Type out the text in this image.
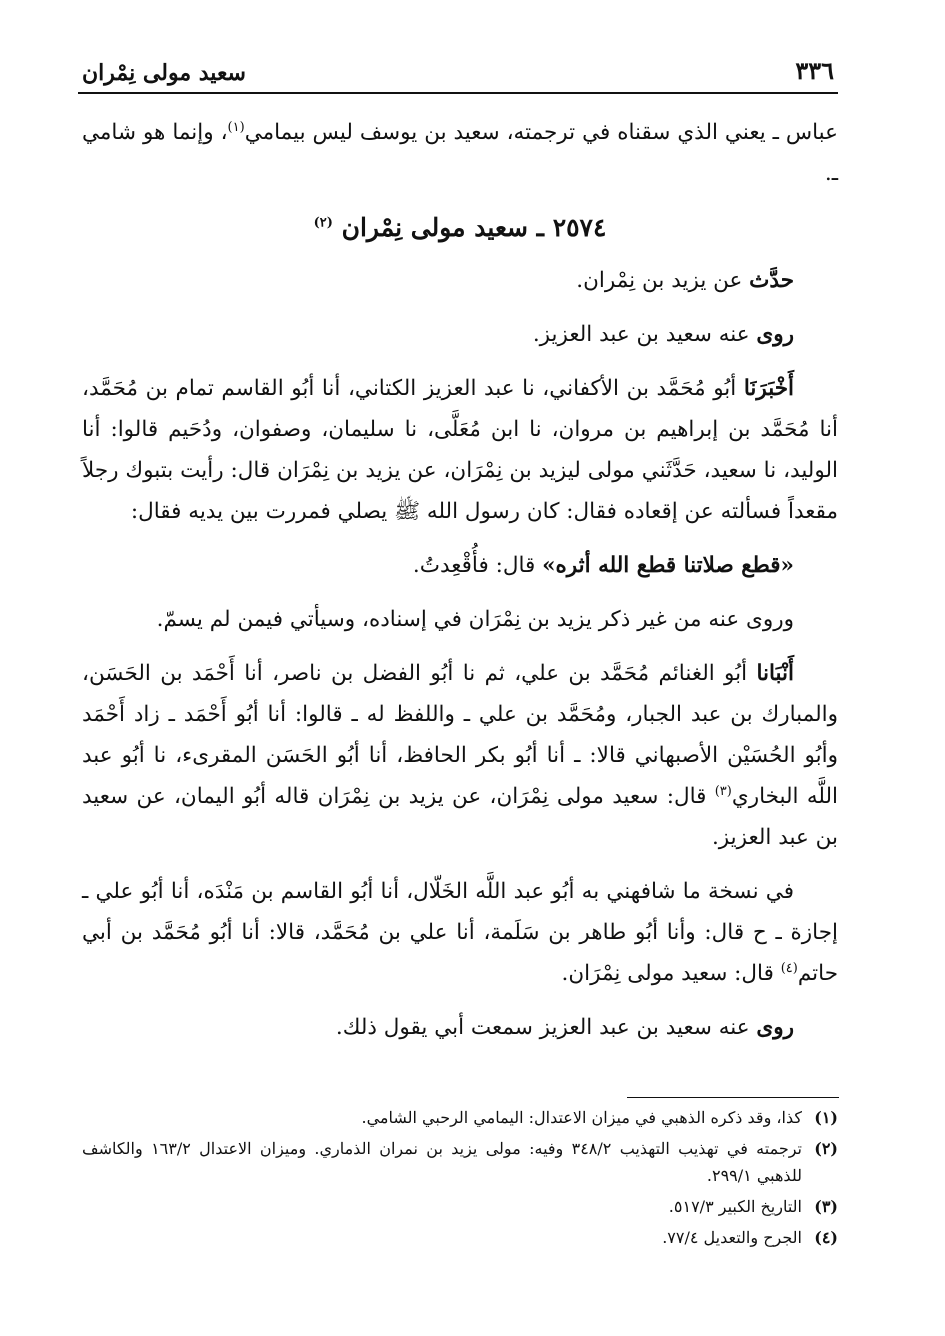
٣٣٦
سعيد مولى نِمْران

عباس ـ يعني الذي سقناه في ترجمته، سعيد بن يوسف ليس بيمامي$^{(١)}$، وإنما هو شامي ـ.

٢٥٧٤ ـ سعيد مولى نِمْران $^{(٢)}$

حدَّث عن يزيد بن نِمْران.

روى عنه سعيد بن عبد العزيز.

أَخْبَرَنَا أبُو مُحَمَّد بن الأكفاني، نا عبد العزيز الكتاني، أنا أبُو القاسم تمام بن مُحَمَّد، أنا مُحَمَّد بن إبراهيم بن مروان، نا ابن مُعَلَّى، نا سليمان، وصفوان، ودُحَيم قالوا: أنا الوليد، نا سعيد، حَدَّثَني مولى ليزيد بن نِمْرَان، عن يزيد بن نِمْرَان قال: رأيت بتبوك رجلاً مقعداً فسألته عن إقعاده فقال: كان رسول الله ﷺ يصلي فمررت بين يديه فقال:

«قطع صلاتنا قطع الله أثره» قال: فأُقْعِدتُ.

وروى عنه من غير ذكر يزيد بن نِمْرَان في إسناده، وسيأتي فيمن لم يسمّ.

أَنْبَانا أبُو الغنائم مُحَمَّد بن علي، ثم نا أبُو الفضل بن ناصر، أنا أَحْمَد بن الحَسَن، والمبارك بن عبد الجبار، ومُحَمَّد بن علي ـ واللفظ له ـ قالوا: أنا أبُو أَحْمَد ـ زاد أَحْمَد وأبُو الحُسَيْن الأصبهاني قالا: ـ أنا أبُو بكر الحافظ، أنا أبُو الحَسَن المقرىء، نا أبُو عبد اللَّه البخاري$^{(٣)}$ قال: سعيد مولى نِمْرَان، عن يزيد بن نِمْرَان قاله أبُو اليمان، عن سعيد بن عبد العزيز.

في نسخة ما شافهني به أبُو عبد اللَّه الخَلّال، أنا أبُو القاسم بن مَنْدَه، أنا أبُو علي ـ إجازة ـ ح قال: وأنا أبُو طاهر بن سَلَمة، أنا علي بن مُحَمَّد، قالا: أنا أبُو مُحَمَّد بن أبي حاتم$^{(٤)}$ قال: سعيد مولى نِمْرَان.

روى عنه سعيد بن عبد العزيز سمعت أبي يقول ذلك.

(١)
كذا، وقد ذكره الذهبي في ميزان الاعتدال: اليمامي الرحبي الشامي.
(٢)
ترجمته في تهذيب التهذيب ٣٤٨/٢ وفيه: مولى يزيد بن نمران الذماري. وميزان الاعتدال ١٦٣/٢ والكاشف للذهبي ٢٩٩/١.
(٣)
التاريخ الكبير ٥١٧/٣.
(٤)
الجرح والتعديل ٧٧/٤.
